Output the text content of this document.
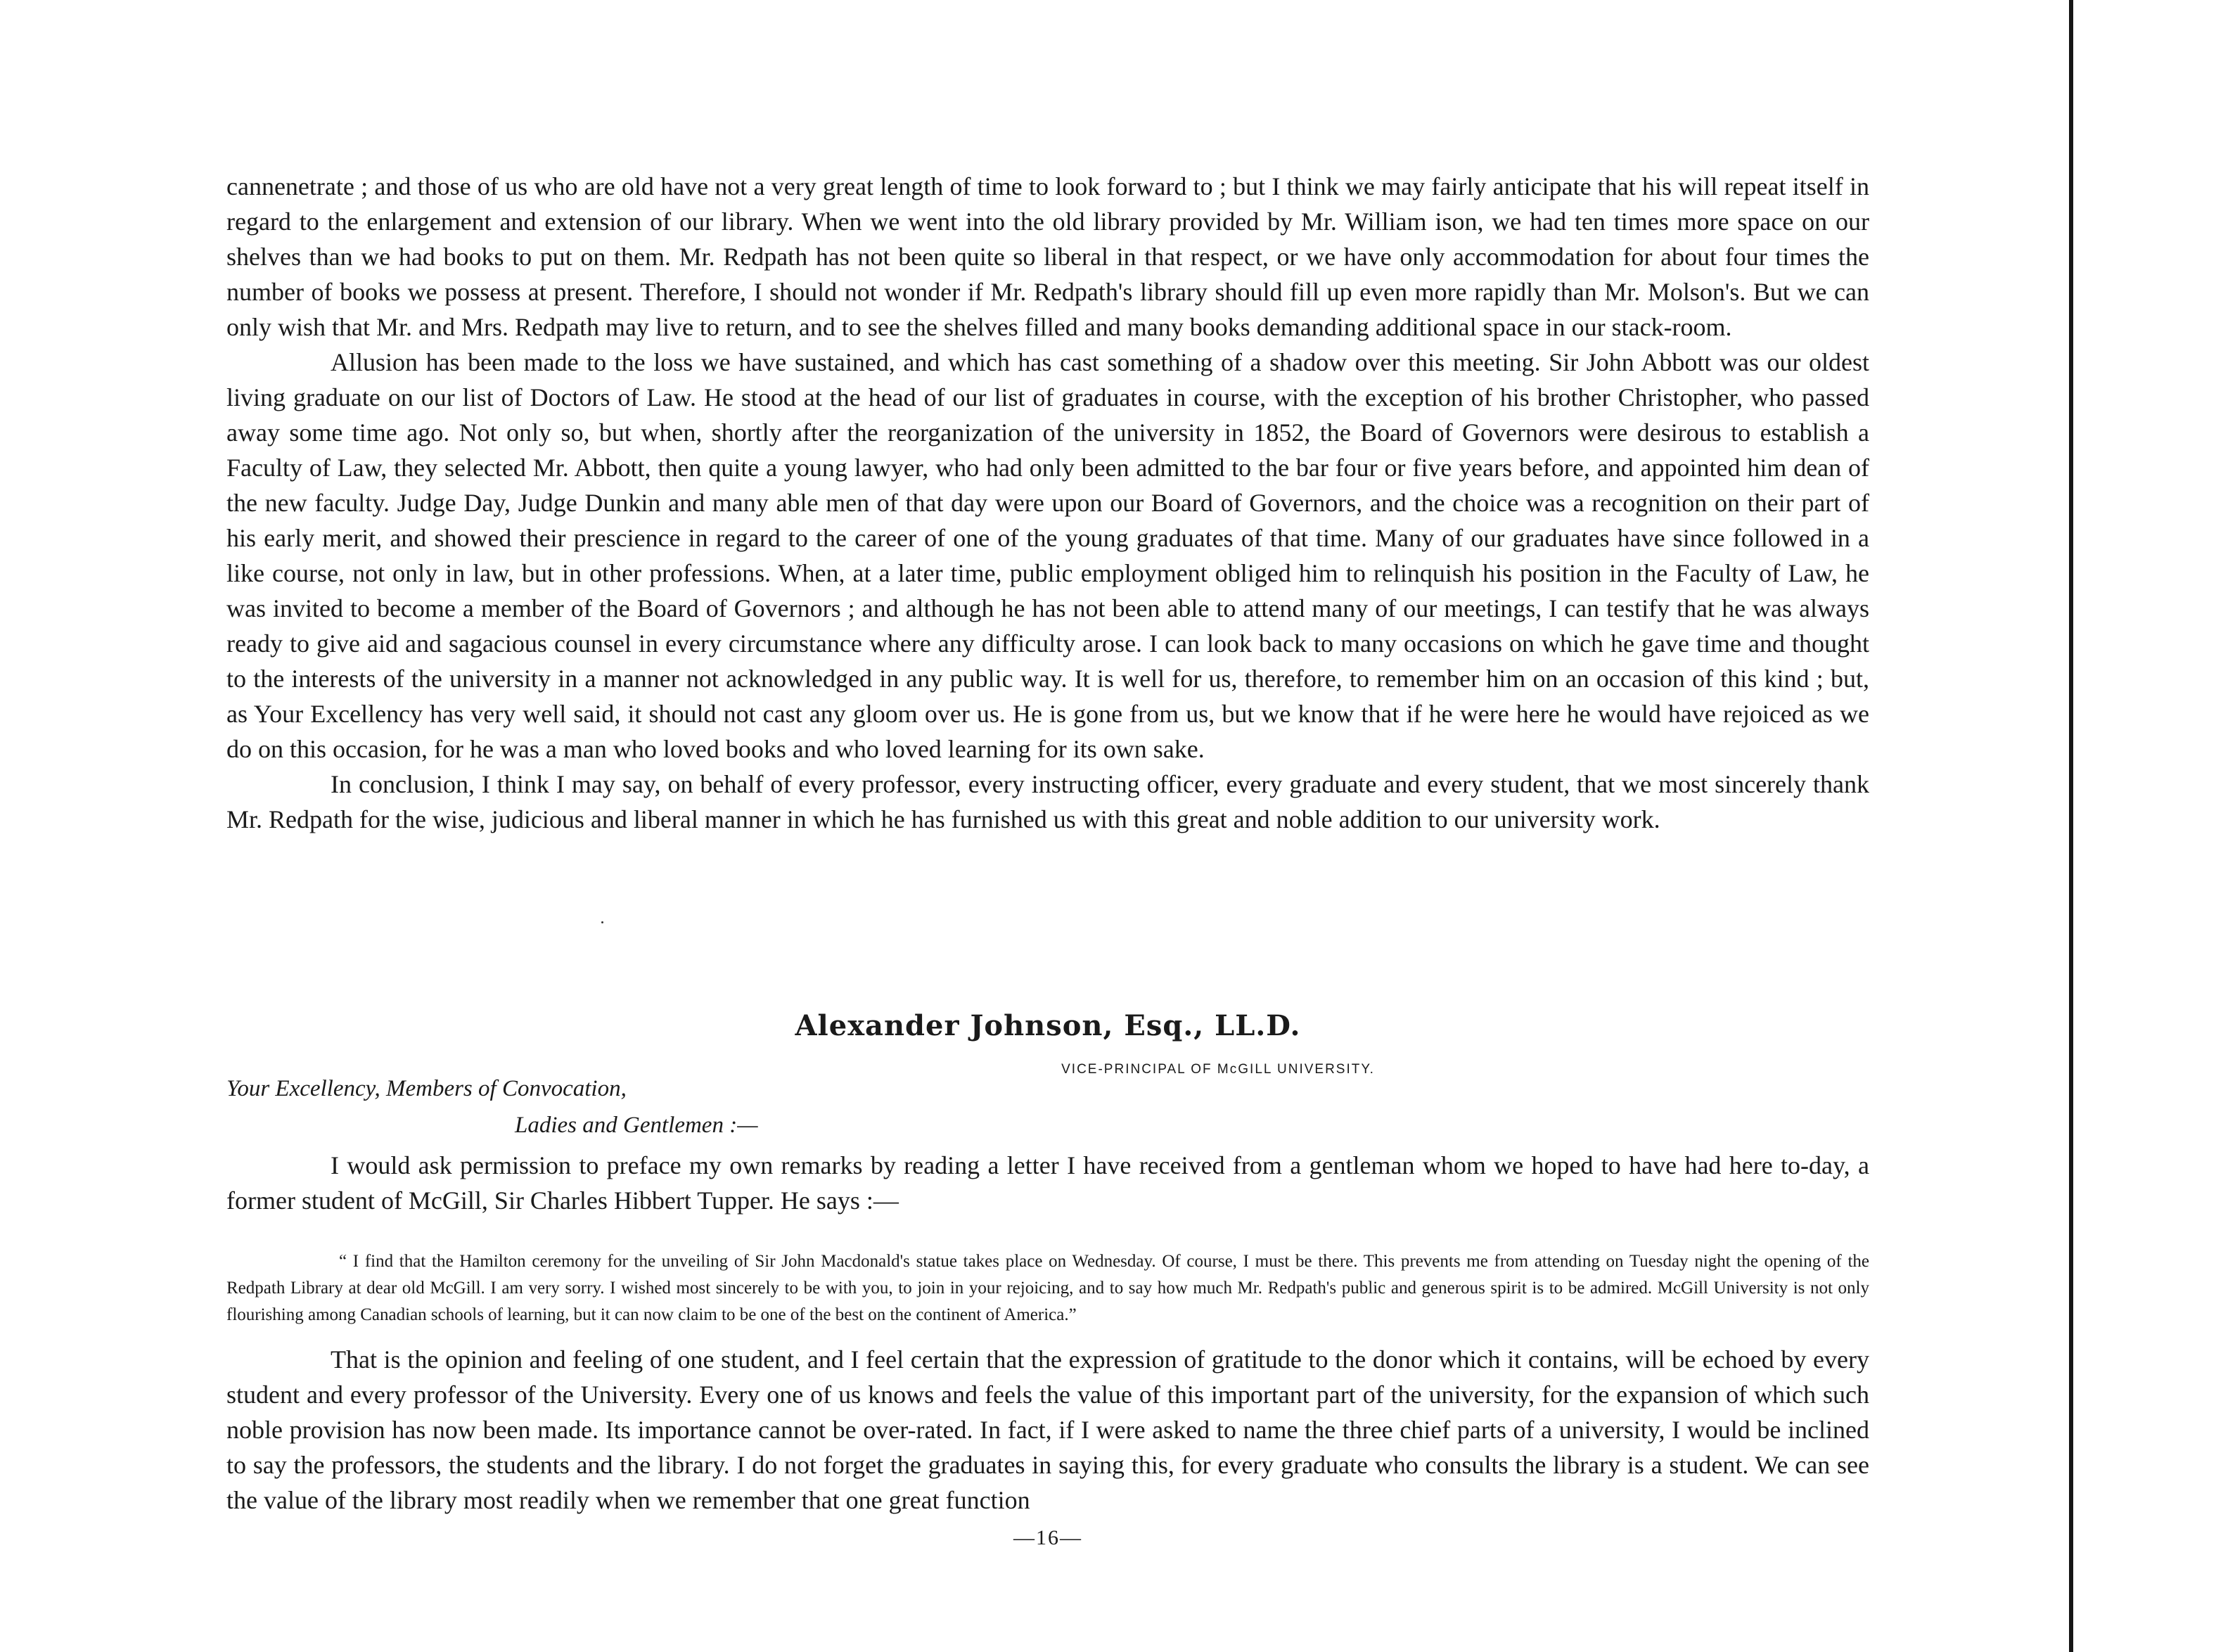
cannenetrate ; and those of us who are old have not a very great length of time to look forward to ; but I think we may fairly anticipate that his will repeat itself in regard to the enlargement and extension of our library. When we went into the old library provided by Mr. William ison, we had ten times more space on our shelves than we had books to put on them. Mr. Redpath has not been quite so liberal in that respect, or we have only accommodation for about four times the number of books we possess at present. Therefore, I should not wonder if Mr. Redpath's library should fill up even more rapidly than Mr. Molson's. But we can only wish that Mr. and Mrs. Redpath may live to return, and to see the shelves filled and many books demanding additional space in our stack-room.

Allusion has been made to the loss we have sustained, and which has cast something of a shadow over this meeting. Sir John Abbott was our oldest living graduate on our list of Doctors of Law. He stood at the head of our list of graduates in course, with the exception of his brother Christopher, who passed away some time ago. Not only so, but when, shortly after the reorganization of the university in 1852, the Board of Governors were desirous to establish a Faculty of Law, they selected Mr. Abbott, then quite a young lawyer, who had only been admitted to the bar four or five years before, and appointed him dean of the new faculty. Judge Day, Judge Dunkin and many able men of that day were upon our Board of Governors, and the choice was a recognition on their part of his early merit, and showed their prescience in regard to the career of one of the young graduates of that time. Many of our graduates have since followed in a like course, not only in law, but in other professions. When, at a later time, public employment obliged him to relinquish his position in the Faculty of Law, he was invited to become a member of the Board of Governors ; and although he has not been able to attend many of our meetings, I can testify that he was always ready to give aid and sagacious counsel in every circumstance where any difficulty arose. I can look back to many occasions on which he gave time and thought to the interests of the university in a manner not acknowledged in any public way. It is well for us, therefore, to remember him on an occasion of this kind ; but, as Your Excellency has very well said, it should not cast any gloom over us. He is gone from us, but we know that if he were here he would have rejoiced as we do on this occasion, for he was a man who loved books and who loved learning for its own sake.

In conclusion, I think I may say, on behalf of every professor, every instructing officer, every graduate and every student, that we most sincerely thank Mr. Redpath for the wise, judicious and liberal manner in which he has furnished us with this great and noble addition to our university work.

Alexander Johnson, Esq., LL.D.
VICE-PRINCIPAL OF McGILL UNIVERSITY.

Your Excellency, Members of Convocation,
Ladies and Gentlemen :—

I would ask permission to preface my own remarks by reading a letter I have received from a gentleman whom we hoped to have had here to-day, a former student of McGill, Sir Charles Hibbert Tupper. He says :—

“ I find that the Hamilton ceremony for the unveiling of Sir John Macdonald's statue takes place on Wednesday. Of course, I must be there. This prevents me from attending on Tuesday night the opening of the Redpath Library at dear old McGill. I am very sorry. I wished most sincerely to be with you, to join in your rejoicing, and to say how much Mr. Redpath's public and generous spirit is to be admired. McGill University is not only flourishing among Canadian schools of learning, but it can now claim to be one of the best on the continent of America.”

That is the opinion and feeling of one student, and I feel certain that the expression of gratitude to the donor which it contains, will be echoed by every student and every professor of the University. Every one of us knows and feels the value of this important part of the university, for the expansion of which such noble provision has now been made. Its importance cannot be over-rated. In fact, if I were asked to name the three chief parts of a university, I would be inclined to say the professors, the students and the library. I do not forget the graduates in saying this, for every graduate who consults the library is a student. We can see the value of the library most readily when we remember that one great function

—16—
